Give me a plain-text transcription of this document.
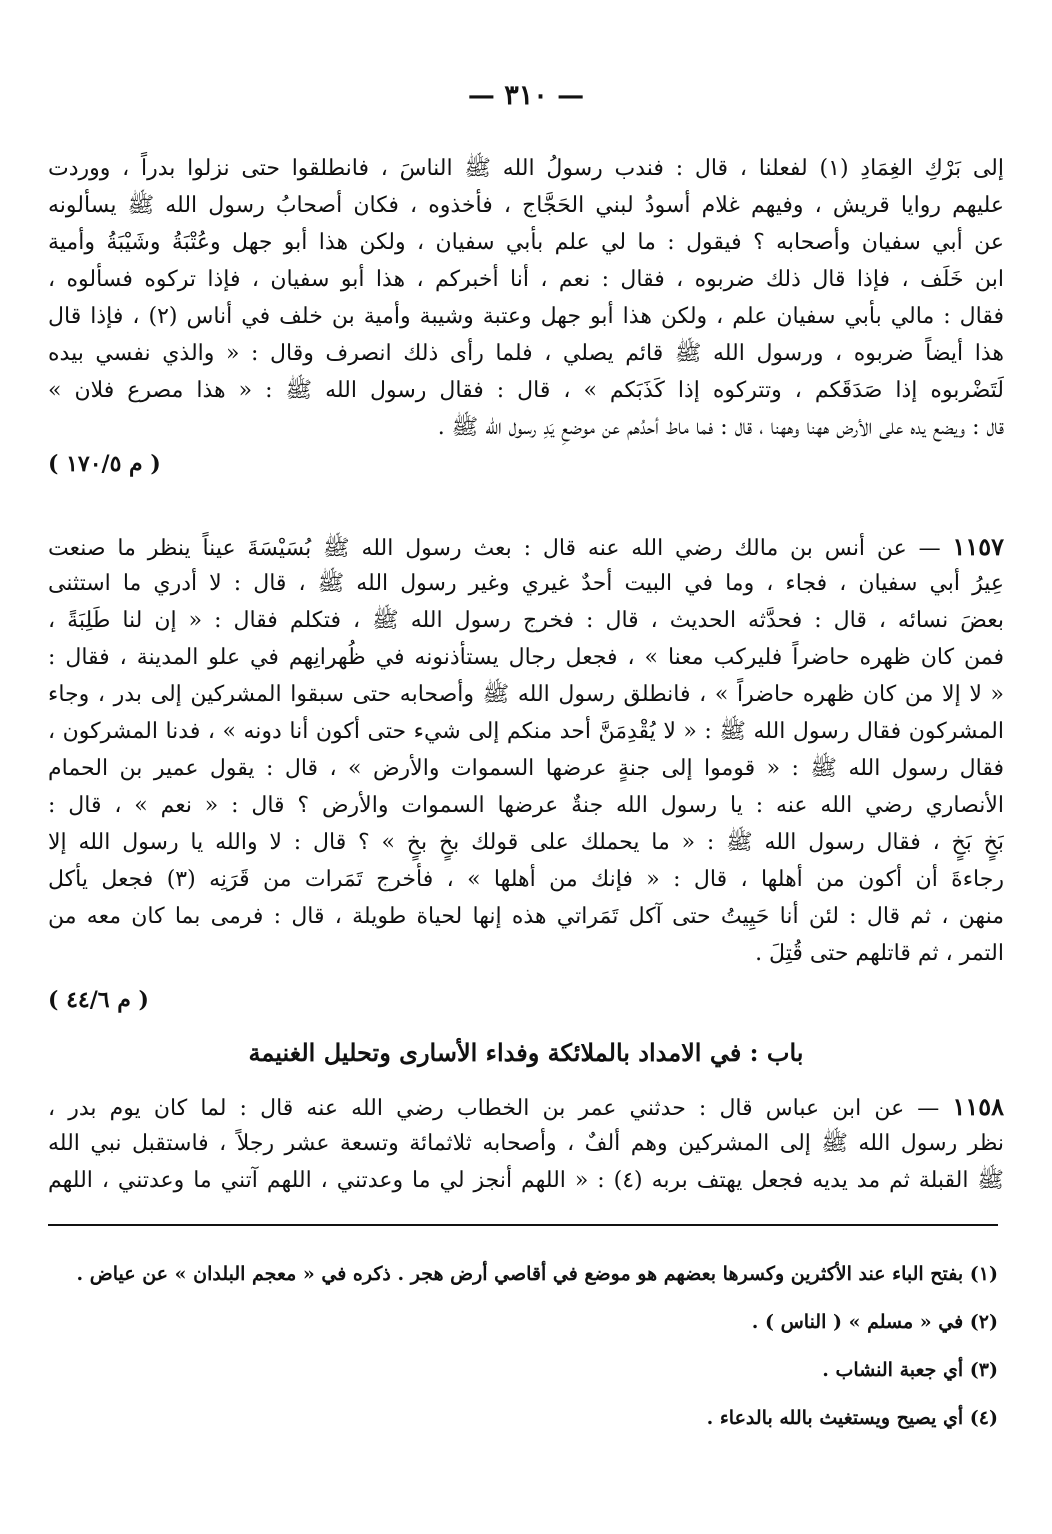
— ٣١٠ —
إلى بَرْكِ الغِمَادِ (١) لفعلنا ، قال : فندب رسولُ الله ﷺ الناسَ ، فانطلقوا حتى نزلوا بدراً ، ووردت
عليهم روايا قريش ، وفيهم غلام أسودُ لبني الحَجَّاج ، فأخذوه ، فكان أصحابُ رسول الله ﷺ يسألونه
عن أبي سفيان وأصحابه ؟ فيقول : ما لي علم بأبي سفيان ، ولكن هذا أبو جهل وعُتْبَةُ وشَيْبَةُ وأمية
ابن خَلَف ، فإذا قال ذلك ضربوه ، فقال : نعم ، أنا أخبركم ، هذا أبو سفيان ، فإذا تركوه فسألوه ،
فقال : مالي بأبي سفيان علم ، ولكن هذا أبو جهل وعتبة وشيبة وأمية بن خلف في أناس (٢) ، فإذا قال
هذا أيضاً ضربوه ، ورسول الله ﷺ قائم يصلي ، فلما رأى ذلك انصرف وقال : « والذي نفسي بيده
لَتَضْربوه إذا صَدَقَكم ، وتتركوه إذا كَذَبَكم » ، قال : فقال رسول الله ﷺ : « هذا مصرع فلان »
قال : ويضع يده على الأرض ههنا وههنا ، قال : فما ماط أحدُهم عن موضعِ يَدِ رسول الله ﷺ .
( م ١٧٠/٥ )
١١٥٧ — عن أنس بن مالك رضي الله عنه قال : بعث رسول الله ﷺ بُسَيْسَةَ عيناً ينظر ما صنعت
عِيرُ أبي سفيان ، فجاء ، وما في البيت أحدٌ غيري وغير رسول الله ﷺ ، قال : لا أدري ما استثنى
بعضَ نسائه ، قال : فحدَّثه الحديث ، قال : فخرج رسول الله ﷺ ، فتكلم فقال : « إن لنا طَلِبَةً ،
فمن كان ظهره حاضراً فليركب معنا » ، فجعل رجال يستأذنونه في ظُهرانِهم في علو المدينة ، فقال :
« لا إلا من كان ظهره حاضراً » ، فانطلق رسول الله ﷺ وأصحابه حتى سبقوا المشركين إلى بدر ، وجاء
المشركون فقال رسول الله ﷺ : « لا يُقْدِمَنَّ أحد منكم إلى شيء حتى أكون أنا دونه » ، فدنا المشركون ،
فقال رسول الله ﷺ : « قوموا إلى جنةٍ عرضها السموات والأرض » ، قال : يقول عمير بن الحمام
الأنصاري رضي الله عنه : يا رسول الله جنةٌ عرضها السموات والأرض ؟ قال : « نعم » ، قال :
بَخٍ بَخٍ ، فقال رسول الله ﷺ : « ما يحملك على قولك بخٍ بخٍ » ؟ قال : لا والله يا رسول الله إلا
رجاءةَ أن أكون من أهلها ، قال : « فإنك من أهلها » ، فأخرج تَمَرات من قَرَنِه (٣) فجعل يأكل
منهن ، ثم قال : لئن أنا حَيِيتُ حتى آكل تَمَراتي هذه إنها لحياة طويلة ، قال : فرمى بما كان معه من
التمر ، ثم قاتلهم حتى قُتِلَ .
( م ٤٤/٦ )
باب : في الامداد بالملائكة وفداء الأسارى وتحليل الغنيمة
١١٥٨ — عن ابن عباس قال : حدثني عمر بن الخطاب رضي الله عنه قال : لما كان يوم بدر ،
نظر رسول الله ﷺ إلى المشركين وهم ألفٌ ، وأصحابه ثلاثمائة وتسعة عشر رجلاً ، فاستقبل نبي الله
ﷺ القبلة ثم مد يديه فجعل يهتف بربه (٤) : « اللهم أنجز لي ما وعدتني ، اللهم آتني ما وعدتني ، اللهم
(١) بفتح الباء عند الأكثرين وكسرها بعضهم هو موضع في أقاصي أرض هجر . ذكره في « معجم البلدان » عن عياض .
(٢) في « مسلم » ( الناس ) .
(٣) أي جعبة النشاب .
(٤) أي يصيح ويستغيث بالله بالدعاء .
